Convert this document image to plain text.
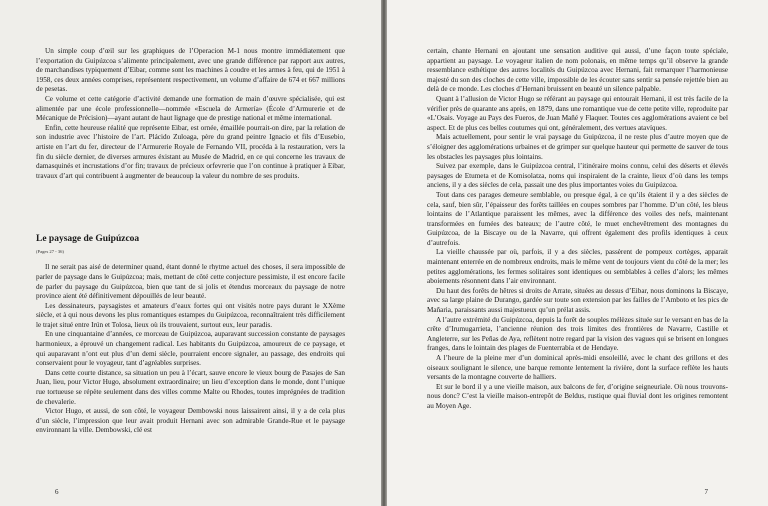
Un simple coup d’œil sur les graphiques de l’Operacion M-1 nous montre immédiatement que l’exportation du Guipúzcoa s’alimente principalement, avec une grande différence par rapport aux autres, de marchandises typiquement d’Eibar, comme sont les machines à coudre et les armes à feu, qui de 1951 à 1958, ces deux années comprises, représentent respectivement, un volume d’affaire de 674 et 667 millions de pesetas.

Ce volume et cette catégorie d’activité demande une formation de main d’œuvre spécialisée, qui est alimentée par une école professionnelle—nommée «Escuela de Armería» (École d’Armurerie et de Mécanique de Précision)—ayant autant de haut lignage que de prestige national et même international.

Enfin, cette heureuse réalité que représente Eibar, est ornée, émaillée pourrait-on dire, par la relation de son industrie avec l’histoire de l’art. Plácido Zuloaga, père du grand peintre Ignacio et fils d’Eusebio, artiste en l’art du fer, directeur de l’Armurerie Royale de Fernando VII, procéda à la restauration, vers la fin du siècle dernier, de diverses armures éxistant au Musée de Madrid, en ce qui concerne les travaux de damasquinés et incrustations d’or fin; travaux de précieux orfevrerie que l’on continue à pratiquer à Eibar, travaux d’art qui contribuent à augmenter de beaucoup la valeur du nombre de ses produits.

Le paysage de Guipúzcoa
(Pages 27 - 36)

Il ne serait pas aisé de determiner quand, étant donné le rhytme actuel des choses, il sera impossible de parler de paysage dans le Guipúzcoa; mais, mettant de côté cette conjecture pessimiste, il est encore facile de parler du paysage du Guipúzcoa, bien que tant de si jolis et étendus morceaux du paysage de notre province aient été définitivement dépouillés de leur beauté.

Les dessinateurs, paysagistes et amateurs d’eaux fortes qui ont visités notre pays durant le XXème siècle, et à qui nous devons les plus romantiques estampes du Guipúzcoa, reconnaîtraient très difficilement le trajet situé entre Irún et Tolosa, lieux où ils trouvaient, surtout eux, leur paradis.

En une cinquantaine d’années, ce morceau de Guipúzcoa, auparavant succession constante de paysages harmonieux, a éprouvé un changement radical. Les habitants du Guipúzcoa, amoureux de ce paysage, et qui auparavant n’ont eut plus d’un demi siècle, pourraient encore signaler, au passage, des endroits qui conservaient pour le voyageur, tant d’agréables surprises.

Dans cette courte distance, sa situation un peu à l’écart, sauve encore le vieux bourg de Pasajes de San Juan, lieu, pour Victor Hugo, absolument extraordinaire; un lieu d’exception dans le monde, dont l’unique rue tortueuse se répète seulement dans des villes comme Malte ou Rhodes, toutes imprégnées de tradition de chevalerie.

Victor Hugo, et aussi, de son côté, le voyageur Dembowski nous laissairent ainsi, il y a de cela plus d’un siècle, l’impression que leur avait produit Hernani avec son admirable Grande-Rue et le paysage environnant la ville. Dembowski, clé est

6

certain, chante Hernani en ajoutant une sensation auditive qui aussi, d’une façon toute spéciale, appartient au paysage. Le voyageur italien de nom polonais, en même temps qu’il observe la grande ressemblance esthétique des autres localités du Guipúzcoa avec Hernani, fait remarquer l’harmonieuse majesté du son des cloches de cette ville, impossible de les écouter sans sentir sa pensée rejettée bien au delà de ce monde. Les cloches d’Hernani bruissent en beauté un silence palpable.

Quant à l’allusion de Victor Hugo se référant au paysage qui entourait Hernani, il est très facile de la vérifier près de quarante ans après, en 1879, dans une romantique vue de cette petite ville, reproduite par «L’Osais. Voyage au Pays des Fueros, de Juan Mañé y Flaquer. Toutes ces agglomérations avaient ce bel aspect. Et de plus ces belles coutumes qui ont, généralement, des vertues atavíques.

Mais actuellement, pour sentir le vrai paysage du Guipúzcoa, il ne reste plus d’autre moyen que de s’éloigner des agglomérations urbaines et de grimper sur quelque hauteur qui permette de sauver de tous les obstacles les paysages plus lointains.

Suivez par exemple, dans le Guipúzcoa central, l’itinéraire moins connu, celui des déserts et élevés paysages de Etumeta et de Komisolatza, noms qui inspiraient de la crainte, lieux d’où dans les temps anciens, il y a des siècles de cela, passait une des plus importantes voies du Guipúzcoa.

Tout dans ces parages demeure semblable, ou presque égal, à ce qu’ils étaient il y a des siècles de cela, sauf, bien sûr, l’épaisseur des forêts taillées en coupes sombres par l’homme. D’un côté, les bleus lointains de l’Atlantique paraissent les mêmes, avec la différence des voiles des nefs, maintenant transformées en fumées des bateaux; de l’autre côté, le muet enchevêtrement des montagnes du Guipúzcoa, de la Biscaye ou de la Navarre, qui offrent également des profils identiques à ceux d’autrefois.

La vieille chaussée par où, parfois, il y a des siècles, passèrent de pompeux cortèges, apparait maintenant enterrée en de nombreux endroits, mais le même vent de toujours vient du côté de la mer; les petites agglomérations, les fermes solitaires sont identiques ou semblables à celles d’alors; les mêmes aboiements résonnent dans l’air environnant.

Du haut des forêts de hêtres si droits de Arrate, situées au dessus d’Eibar, nous dominons la Biscaye, avec sa large plaine de Durango, gardée sur toute son extension par les failles de l’Amboto et les pics de Mañaria, paraissants aussi majestueux qu’un prélat assis.

A l’autre extrémité du Guipúzcoa, depuis la forêt de souples mélèzes située sur le versant en bas de la crête d’Irumugarrieta, l’ancienne réunion des trois limites des frontières de Navarre, Castille et Angleterre, sur les Peñas de Aya, reflètent notre regard par la vision des vagues qui se brisent en longues franges, dans le lointain des plages de Fuenterrabía et de Hendaye.

A l’heure de la pleine mer d’un dominical après-midi ensoleillé, avec le chant des grillons et des oiseaux soulignant le silence, une barque remonte lentement la rivière, dont la surface reflète les hauts versants de la montagne couverte de halliers.

Et sur le bord il y a une vieille maison, aux balcons de fer, d’origine seigneuriale. Où nous trouvons-nous donc? C’est la vieille maison-entrepôt de Beldus, rustique quai fluvial dont les origines remontent au Moyen Age.

7
